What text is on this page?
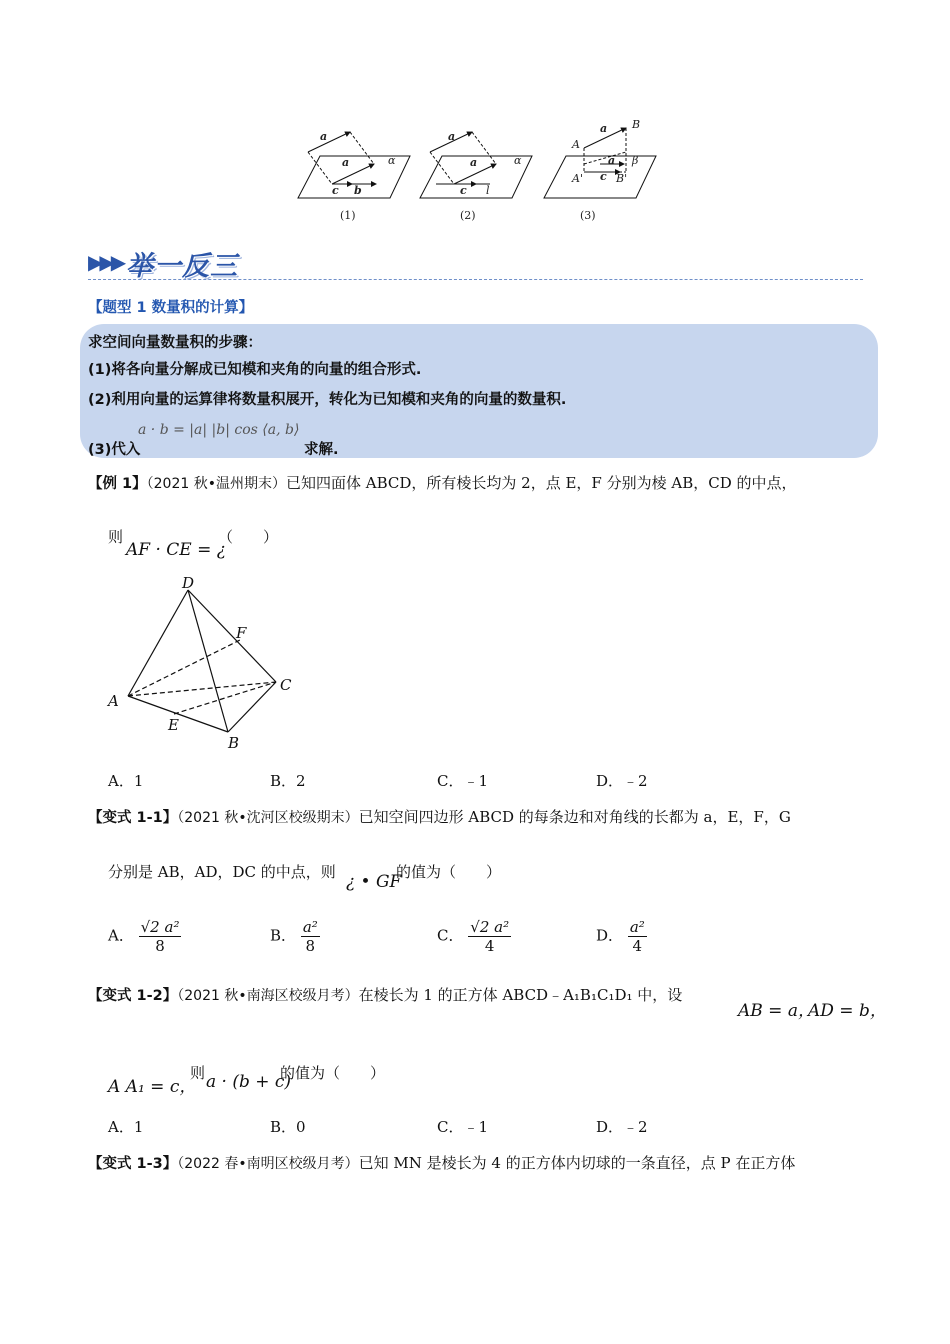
a
a
c b
α
a
a
c l
α
A
a B
a
A' c B'
β
(1)	(2)	(3)
▶▶▶ 举一反三
【题型 1 数量积的计算】
求空间向量数量积的步骤：
(1)将各向量分解成已知模和夹角的向量的组合形式.
(2)利用向量的运算律将数量积展开，转化为已知模和夹角的向量的数量积.
(3)代入
a · b = |a| |b| cos ⟨a, b⟩
求解.
【例 1】（2021 秋•温州期末）已知四面体 ABCD，所有棱长均为 2，点 E，F 分别为棱 AB，CD 的中点，
则
AF · CE = ¿
（　　）
D
F
A
C
E
B
A．1	B．2	C．﹣1	D．﹣2
【变式 1-1】（2021 秋•沈河区校级期末）已知空间四边形 ABCD 的每条边和对角线的长都为 a，E，F，G
分别是 AB，AD，DC 的中点，则 ¿ • GF
的值为（　　）
A． $\frac{\text{√2 a²}}{8}$	B． $\frac{\text{a²}}{8}$	C． $\frac{\text{√2 a²}}{4}$	D． $\frac{\text{a²}}{4}$
【变式 1-2】（2021 秋•南海区校级月考）在棱长为 1 的正方体 ABCD﹣A₁B₁C₁D₁ 中，设
AB = a，
AD = b，
A A₁ = c，
则 a · (b + c)
的值为（　　）
A．1	B．0	C．﹣1	D．﹣2
【变式 1-3】（2022 春•南明区校级月考）已知 MN 是棱长为 4 的正方体内切球的一条直径，点 P 在正方体
